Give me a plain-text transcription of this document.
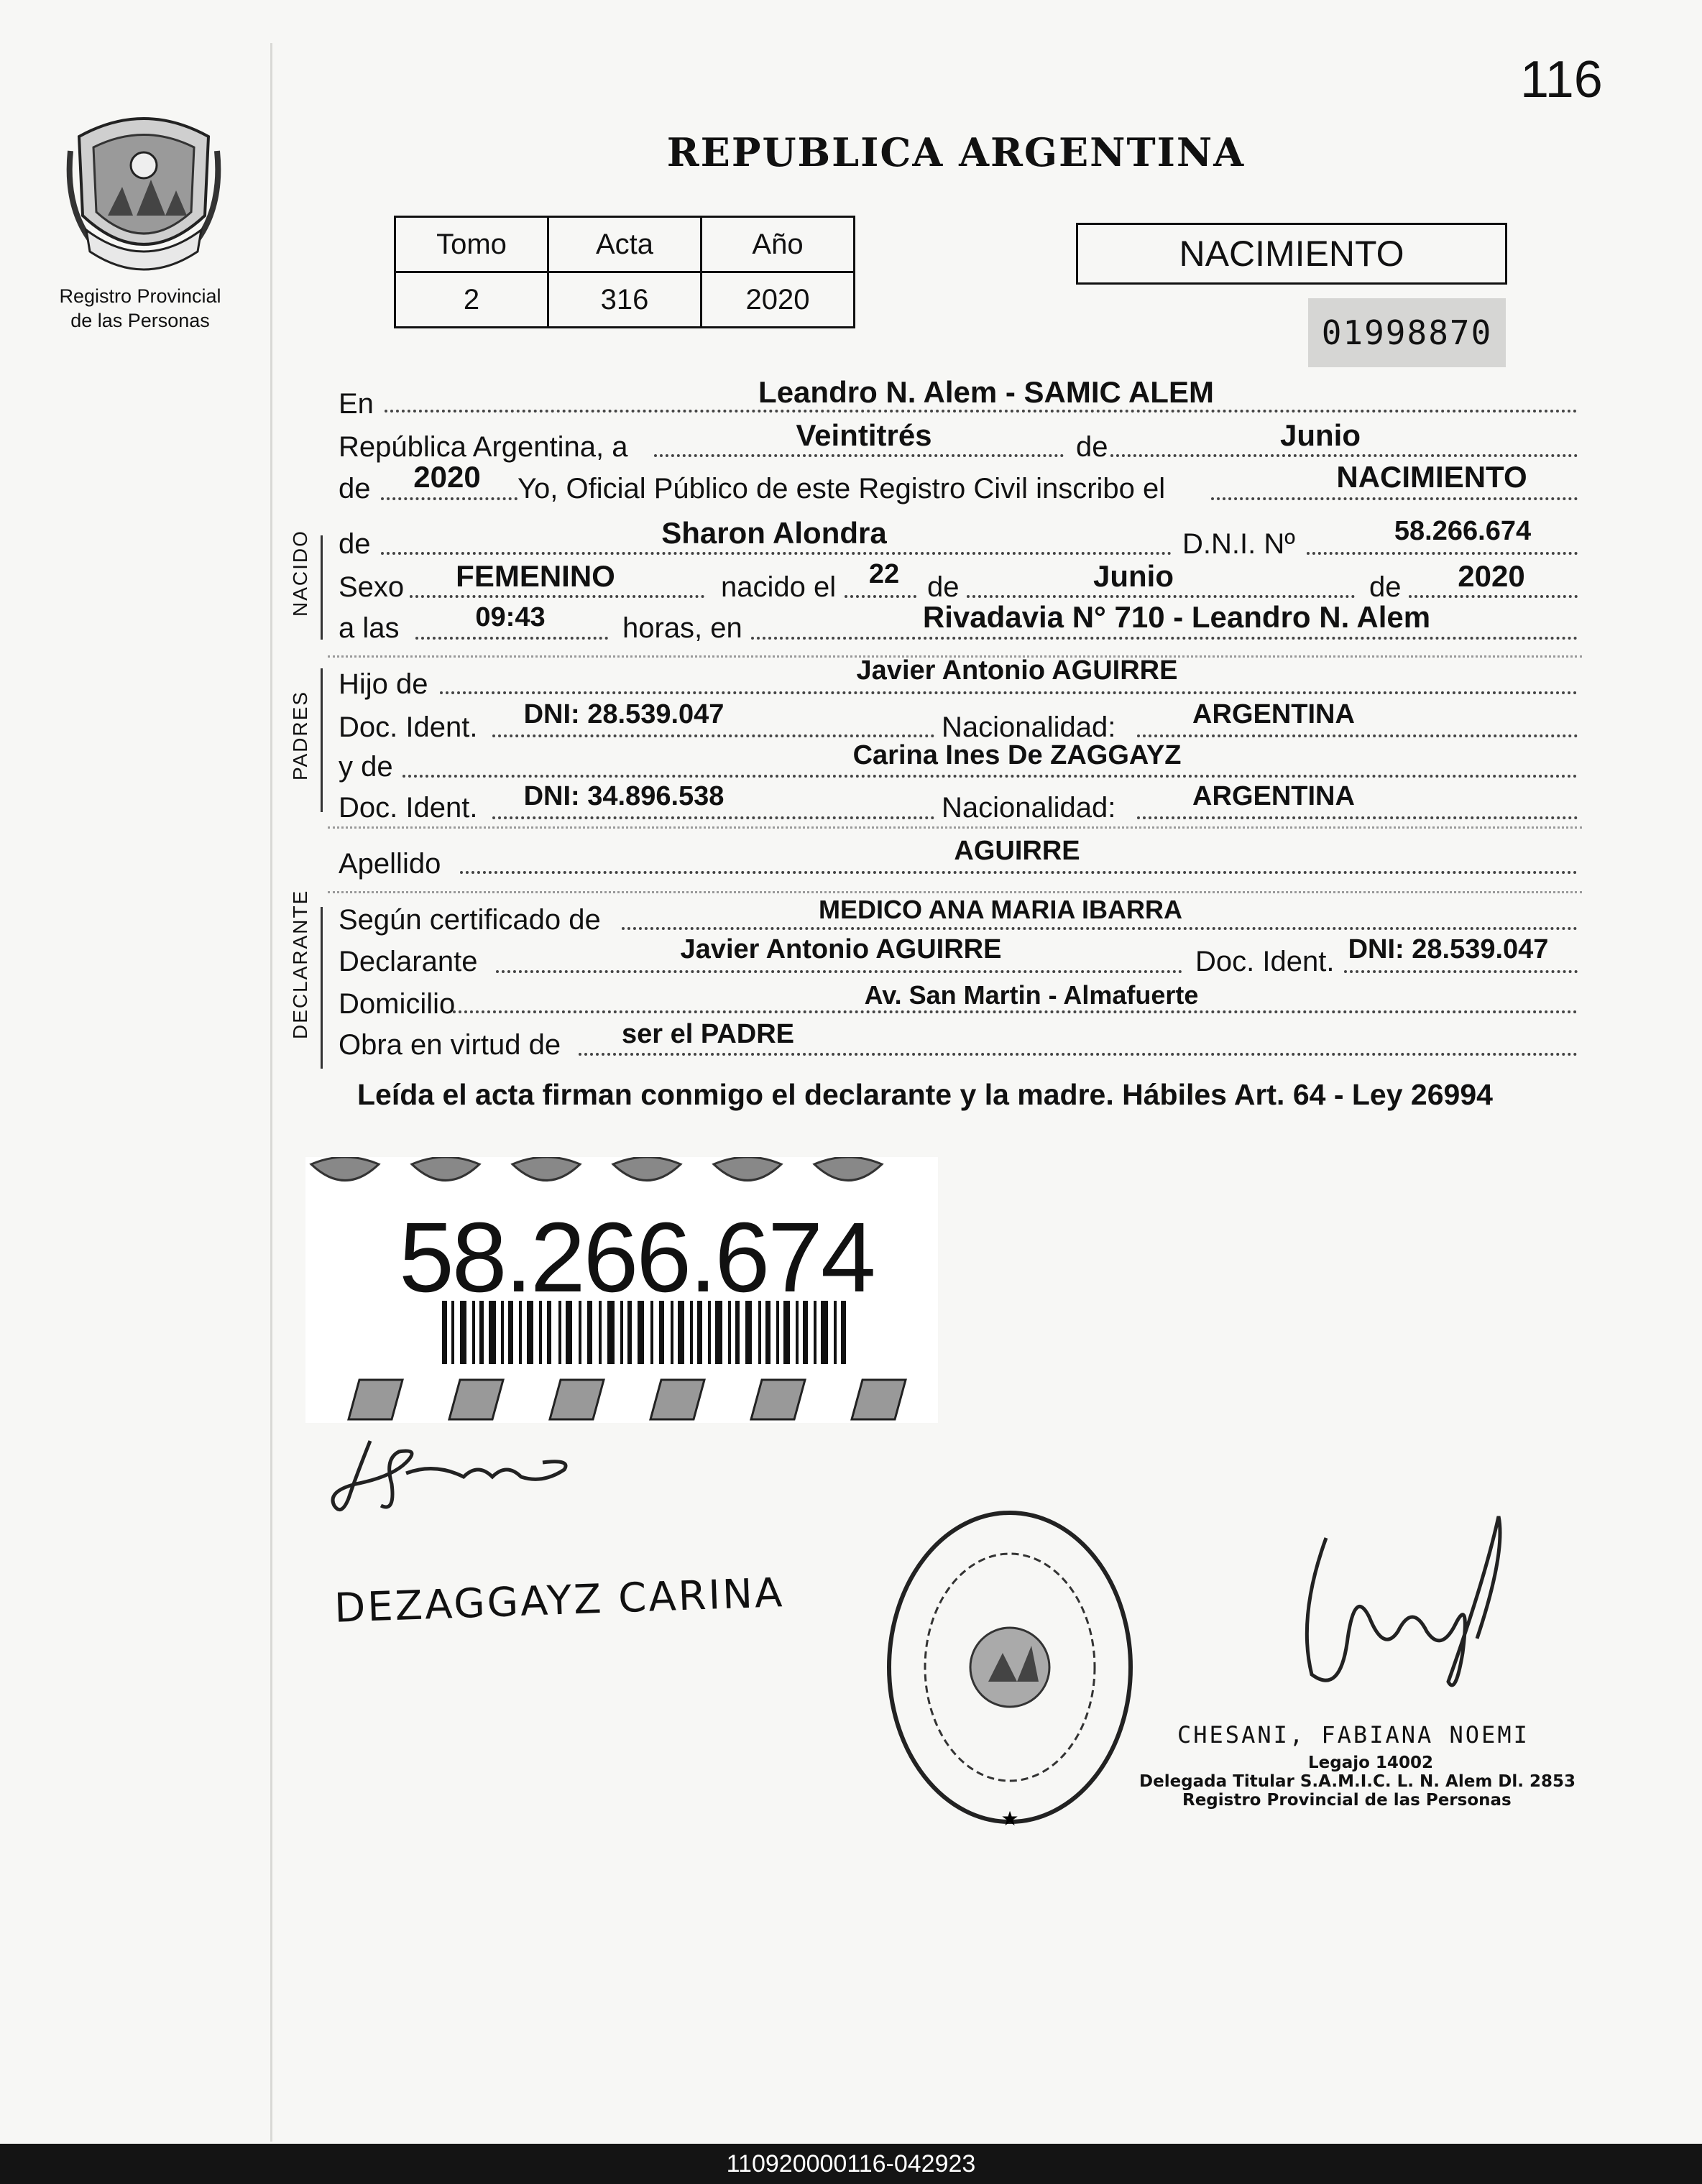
116
Registro Provincial
de las Personas
REPUBLICA ARGENTINA
Tomo	Acta	Año
2	316	2020
NACIMIENTO
01998870
NACIDO
PADRES
DECLARANTE
En	Leandro N. Alem - SAMIC ALEM
República Argentina, a	Veintitrés	de	Junio
de 2020 Yo, Oficial Público de este Registro Civil inscribo el	NACIMIENTO
de	Sharon Alondra	D.N.I. Nº	58.266.674
Sexo FEMENINO	nacido el 22 de	Junio	de 2020
a las	09:43	horas, en	Rivadavia N° 710 - Leandro N. Alem
Hijo de	Javier Antonio AGUIRRE
Doc. Ident. DNI: 28.539.047	Nacionalidad:	ARGENTINA
y de	Carina Ines De ZAGGAYZ
Doc. Ident. DNI: 34.896.538	Nacionalidad:	ARGENTINA
Apellido	AGUIRRE
Según certificado de	MEDICO ANA MARIA IBARRA
Declarante	Javier Antonio AGUIRRE	Doc. Ident. DNI: 28.539.047
Domicilio	Av. San Martin - Almafuerte
Obra en virtud de ser el PADRE
Leída el acta firman conmigo el declarante y la madre. Hábiles Art. 64 - Ley 26994
58.266.674
DEZAGGAYZ CARINA
★
CHESANI, FABIANA NOEMI
Legajo 14002
Delegada Titular S.A.M.I.C. L. N. Alem Dl. 2853
Registro Provincial de las Personas
110920000116-042923
